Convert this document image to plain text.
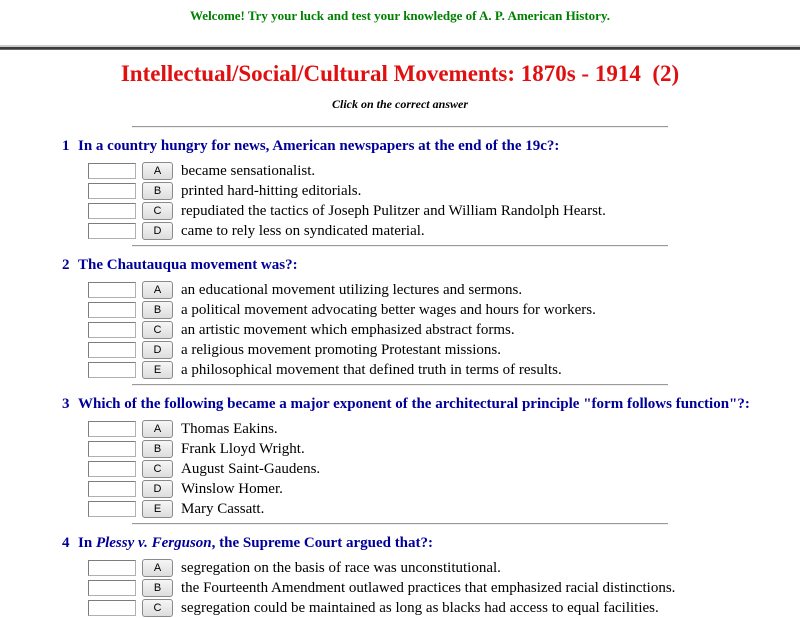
Welcome! Try your luck and test your knowledge of A. P. American History.
Intellectual/Social/Cultural Movements: 1870s - 1914  (2)
Click on the correct answer
1 In a country hungry for news, American newspapers at the end of the 19c?:
A	became sensationalist.
B	printed hard-hitting editorials.
C	repudiated the tactics of Joseph Pulitzer and William Randolph Hearst.
D	came to rely less on syndicated material.
2 The Chautauqua movement was?:
A	an educational movement utilizing lectures and sermons.
B	a political movement advocating better wages and hours for workers.
C	an artistic movement which emphasized abstract forms.
D	a religious movement promoting Protestant missions.
E	a philosophical movement that defined truth in terms of results.
3 Which of the following became a major exponent of the architectural principle "form follows function"?:
A	Thomas Eakins.
B	Frank Lloyd Wright.
C	August Saint-Gaudens.
D	Winslow Homer.
E	Mary Cassatt.
4 In Plessy v. Ferguson, the Supreme Court argued that?:
A	segregation on the basis of race was unconstitutional.
B	the Fourteenth Amendment outlawed practices that emphasized racial distinctions.
C	segregation could be maintained as long as blacks had access to equal facilities.
